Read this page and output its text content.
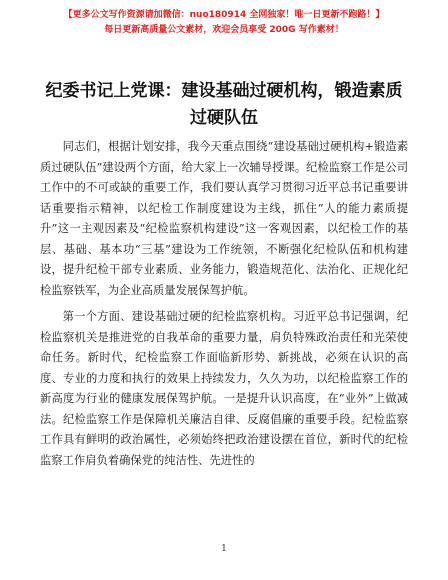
【更多公文写作资源请加微信：nuo180914 全网独家！唯一日更新不跑路！】
每日更新高质量公文素材，欢迎会员享受 200G 写作素材！
纪委书记上党课：建设基础过硬机构，锻造素质过硬队伍

同志们，根据计划安排，我今天重点围绕“建设基础过硬机构+锻造素质过硬队伍”建设两个方面，给大家上一次辅导授课。纪检监察工作是公司工作中的不可或缺的重要工作，我们要认真学习贯彻习近平总书记重要讲话重要指示精神，以纪检工作制度建设为主线，抓住“人的能力素质提升”这一主观因素及“纪检监察机构建设”这一客观因素，以纪检工作的基层、基础、基本功“三基”建设为工作统领，不断强化纪检队伍和机构建设，提升纪检干部专业素质、业务能力，锻造规范化、法治化、正规化纪检监察铁军，为企业高质量发展保驾护航。

第一个方面、建设基础过硬的纪检监察机构。习近平总书记强调，纪检监察机关是推进党的自我革命的重要力量，肩负特殊政治责任和光荣使命任务。新时代，纪检监察工作面临新形势、新挑战，必须在认识的高度、专业的力度和执行的效果上持续发力，久久为功，以纪检监察工作的新高度为行业的健康发展保驾护航。一是提升认识高度，在“业外”上做减法。纪检监察工作是保障机关廉洁自律、反腐倡廉的重要手段。纪检监察工作具有鲜明的政治属性，必须始终把政治建设摆在首位，新时代的纪检监察工作肩负着确保党的纯洁性、先进性的

1
